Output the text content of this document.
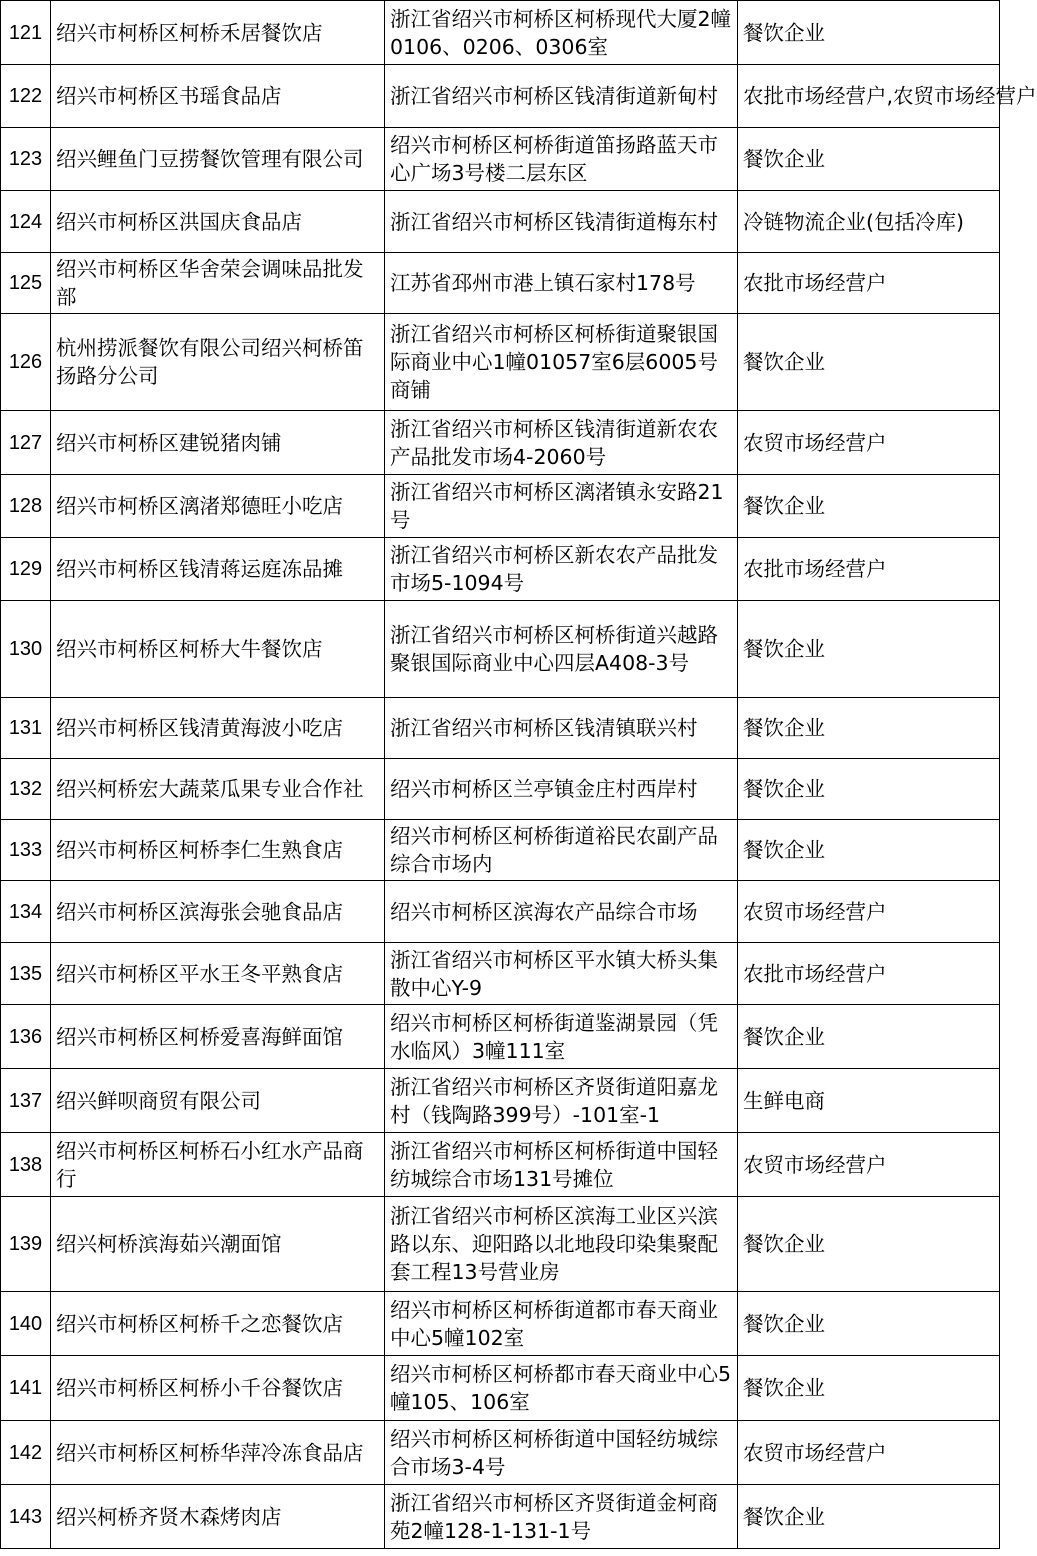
121	绍兴市柯桥区柯桥禾居餐饮店	浙江省绍兴市柯桥区柯桥现代大厦2幢0106、0206、0306室	餐饮企业
122	绍兴市柯桥区书瑶食品店	浙江省绍兴市柯桥区钱清街道新甸村	农批市场经营户,农贸市场经营户
123	绍兴鲤鱼门豆捞餐饮管理有限公司	绍兴市柯桥区柯桥街道笛扬路蓝天市心广场3号楼二层东区	餐饮企业
124	绍兴市柯桥区洪国庆食品店	浙江省绍兴市柯桥区钱清街道梅东村	冷链物流企业(包括冷库)
125	绍兴市柯桥区华舍荣会调味品批发部	江苏省邳州市港上镇石家村178号	农批市场经营户
126	杭州捞派餐饮有限公司绍兴柯桥笛扬路分公司	浙江省绍兴市柯桥区柯桥街道聚银国际商业中心1幢01057室6层6005号商铺	餐饮企业
127	绍兴市柯桥区建锐猪肉铺	浙江省绍兴市柯桥区钱清街道新农农产品批发市场4-2060号	农贸市场经营户
128	绍兴市柯桥区漓渚郑德旺小吃店	浙江省绍兴市柯桥区漓渚镇永安路21号	餐饮企业
129	绍兴市柯桥区钱清蒋运庭冻品摊	浙江省绍兴市柯桥区新农农产品批发市场5-1094号	农批市场经营户
130	绍兴市柯桥区柯桥大牛餐饮店	浙江省绍兴市柯桥区柯桥街道兴越路聚银国际商业中心四层A408-3号	餐饮企业
131	绍兴市柯桥区钱清黄海波小吃店	浙江省绍兴市柯桥区钱清镇联兴村	餐饮企业
132	绍兴柯桥宏大蔬菜瓜果专业合作社	绍兴市柯桥区兰亭镇金庄村西岸村	餐饮企业
133	绍兴市柯桥区柯桥李仁生熟食店	绍兴市柯桥区柯桥街道裕民农副产品综合市场内	餐饮企业
134	绍兴市柯桥区滨海张会驰食品店	绍兴市柯桥区滨海农产品综合市场	农贸市场经营户
135	绍兴市柯桥区平水王冬平熟食店	浙江省绍兴市柯桥区平水镇大桥头集散中心Y-9	农批市场经营户
136	绍兴市柯桥区柯桥爱喜海鲜面馆	绍兴市柯桥区柯桥街道鉴湖景园（凭水临风）3幢111室	餐饮企业
137	绍兴鲜呗商贸有限公司	浙江省绍兴市柯桥区齐贤街道阳嘉龙村（钱陶路399号）-101室-1	生鲜电商
138	绍兴市柯桥区柯桥石小红水产品商行	浙江省绍兴市柯桥区柯桥街道中国轻纺城综合市场131号摊位	农贸市场经营户
139	绍兴柯桥滨海茹兴潮面馆	浙江省绍兴市柯桥区滨海工业区兴滨路以东、迎阳路以北地段印染集聚配套工程13号营业房	餐饮企业
140	绍兴市柯桥区柯桥千之恋餐饮店	绍兴市柯桥区柯桥街道都市春天商业中心5幢102室	餐饮企业
141	绍兴市柯桥区柯桥小千谷餐饮店	绍兴市柯桥区柯桥都市春天商业中心5幢105、106室	餐饮企业
142	绍兴市柯桥区柯桥华萍冷冻食品店	绍兴市柯桥区柯桥街道中国轻纺城综合市场3-4号	农贸市场经营户
143	绍兴柯桥齐贤木森烤肉店	浙江省绍兴市柯桥区齐贤街道金柯商苑2幢128-1-131-1号	餐饮企业
